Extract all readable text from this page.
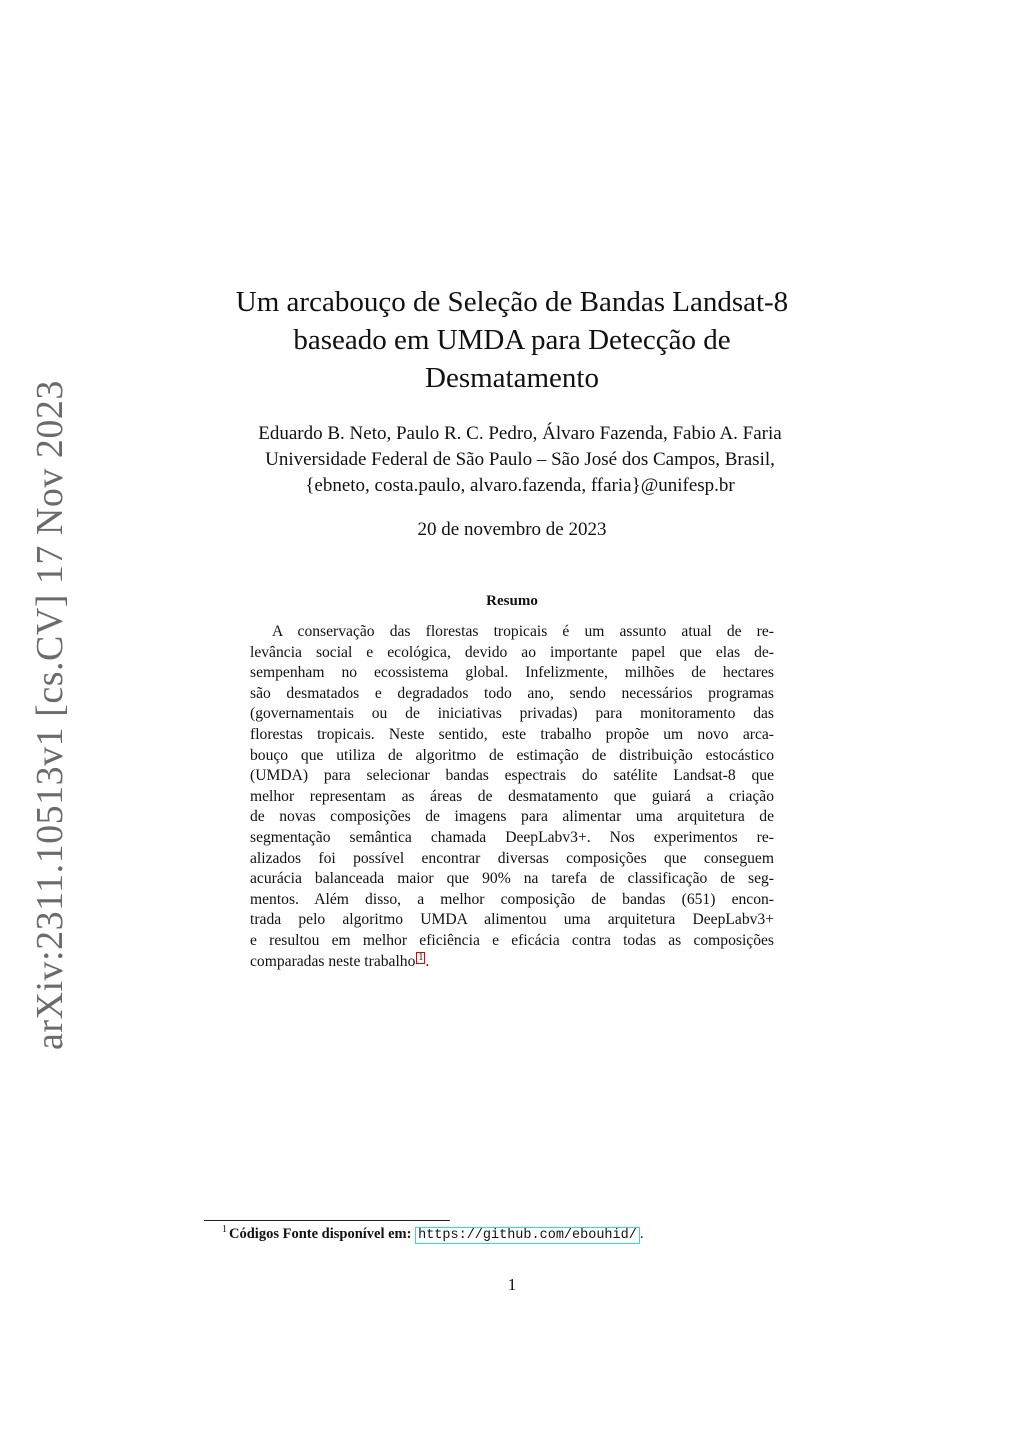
arXiv:2311.10513v1 [cs.CV] 17 Nov 2023
Um arcabouço de Seleção de Bandas Landsat-8
baseado em UMDA para Detecção de
Desmatamento
Eduardo B. Neto, Paulo R. C. Pedro, Álvaro Fazenda, Fabio A. Faria
Universidade Federal de São Paulo – São José dos Campos, Brasil,
{ebneto, costa.paulo, alvaro.fazenda, ffaria}@unifesp.br
20 de novembro de 2023
Resumo
A conservação das florestas tropicais é um assunto atual de re-
levância social e ecológica, devido ao importante papel que elas de-
sempenham no ecossistema global. Infelizmente, milhões de hectares
são desmatados e degradados todo ano, sendo necessários programas
(governamentais ou de iniciativas privadas) para monitoramento das
florestas tropicais. Neste sentido, este trabalho propõe um novo arca-
bouço que utiliza de algoritmo de estimação de distribuição estocástico
(UMDA) para selecionar bandas espectrais do satélite Landsat-8 que
melhor representam as áreas de desmatamento que guiará a criação
de novas composições de imagens para alimentar uma arquitetura de
segmentação semântica chamada DeepLabv3+. Nos experimentos re-
alizados foi possível encontrar diversas composições que conseguem
acurácia balanceada maior que 90% na tarefa de classificação de seg-
mentos. Além disso, a melhor composição de bandas (651) encon-
trada pelo algoritmo UMDA alimentou uma arquitetura DeepLabv3+
e resultou em melhor eficiência e eficácia contra todas as composições
comparadas neste trabalho 1 .
$^1$ Códigos Fonte disponível em: https://github.com/ebouhid/ .
1
